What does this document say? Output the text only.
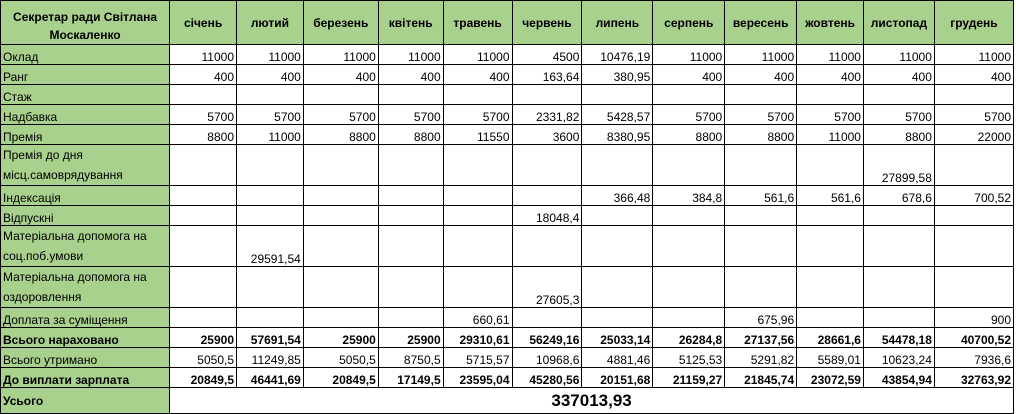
Секретар ради Світлана Москаленко	січень	лютий	березень	квітень	травень	червень	липень	серпень	вересень	жовтень	листопад	грудень
Оклад	11000	11000	11000	11000	11000	4500	10476,19	11000	11000	11000	11000	11000
Ранг	400	400	400	400	400	163,64	380,95	400	400	400	400	400
Стаж												
Надбавка	5700	5700	5700	5700	5700	2331,82	5428,57	5700	5700	5700	5700	5700
Премія	8800	11000	8800	8800	11550	3600	8380,95	8800	8800	11000	8800	22000
Премія до дня місц.самоврядування											27899,58	
Індексація							366,48	384,8	561,6	561,6	678,6	700,52
Відпускні						18048,4						
Матеріальна допомога на соц.поб.умови		29591,54										
Матеріальна допомога на оздоровлення						27605,3						
Доплата за суміщення					660,61				675,96			900
Всього нараховано	25900	57691,54	25900	25900	29310,61	56249,16	25033,14	26284,8	27137,56	28661,6	54478,18	40700,52
Всього утримано	5050,5	11249,85	5050,5	8750,5	5715,57	10968,6	4881,46	5125,53	5291,82	5589,01	10623,24	7936,6
До виплати зарплата	20849,5	46441,69	20849,5	17149,5	23595,04	45280,56	20151,68	21159,27	21845,74	23072,59	43854,94	32763,92
Усього	337013,93											
